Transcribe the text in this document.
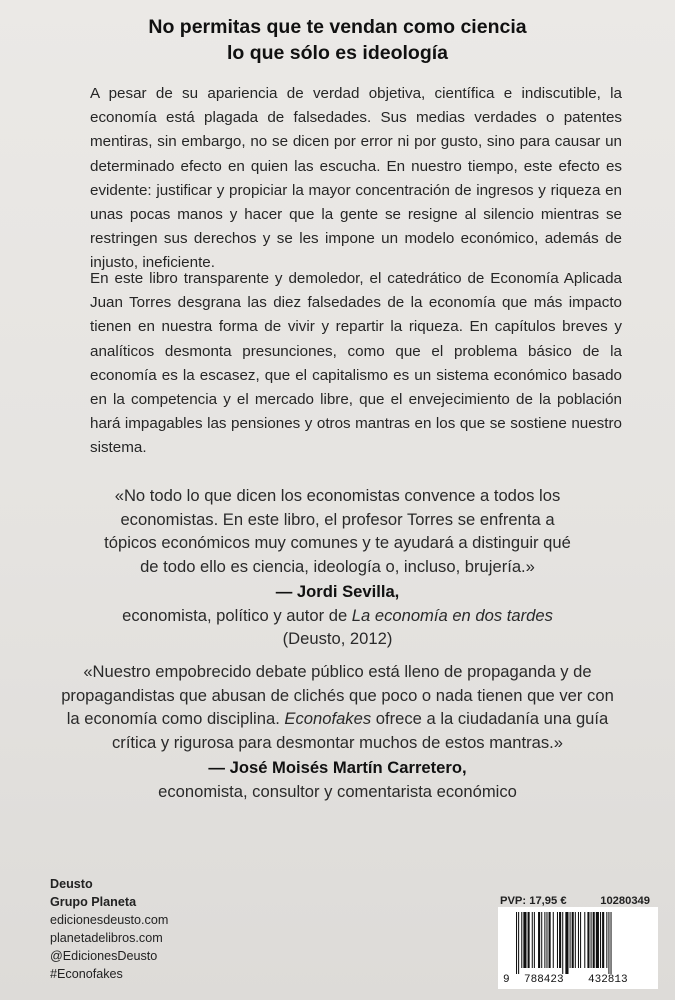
No permitas que te vendan como ciencia
lo que sólo es ideología

A pesar de su apariencia de verdad objetiva, científica e indiscutible, la economía está plagada de falsedades. Sus medias verdades o patentes mentiras, sin embargo, no se dicen por error ni por gusto, sino para causar un determinado efecto en quien las escucha. En nuestro tiempo, este efecto es evidente: justificar y propiciar la mayor concentración de ingresos y riqueza en unas pocas manos y hacer que la gente se resigne al silencio mientras se restringen sus derechos y se les impone un modelo económico, además de injusto, ineficiente.

En este libro transparente y demoledor, el catedrático de Economía Aplicada Juan Torres desgrana las diez falsedades de la economía que más impacto tienen en nuestra forma de vivir y repartir la riqueza. En capítulos breves y analíticos desmonta presunciones, como que el problema básico de la economía es la escasez, que el capitalismo es un sistema económico basado en la competencia y el mercado libre, que el envejecimiento de la población hará impagables las pensiones y otros mantras en los que se sostiene nuestro sistema.

«No todo lo que dicen los economistas convence a todos los economistas. En este libro, el profesor Torres se enfrenta a tópicos económicos muy comunes y te ayudará a distinguir qué de todo ello es ciencia, ideología o, incluso, brujería.»

— Jordi Sevilla,
economista, político y autor de La economía en dos tardes
(Deusto, 2012)

«Nuestro empobrecido debate público está lleno de propaganda y de propagandistas que abusan de clichés que poco o nada tienen que ver con la economía como disciplina. Econofakes ofrece a la ciudadanía una guía crítica y rigurosa para desmontar muchos de estos mantras.»

— José Moisés Martín Carretero,
economista, consultor y comentarista económico
Deusto
Grupo Planeta
edicionesdeusto.com
planetadelibros.com
@EdicionesDeusto
#Econofakes
PVP: 17,95 €	10280349
9 788423 432813
